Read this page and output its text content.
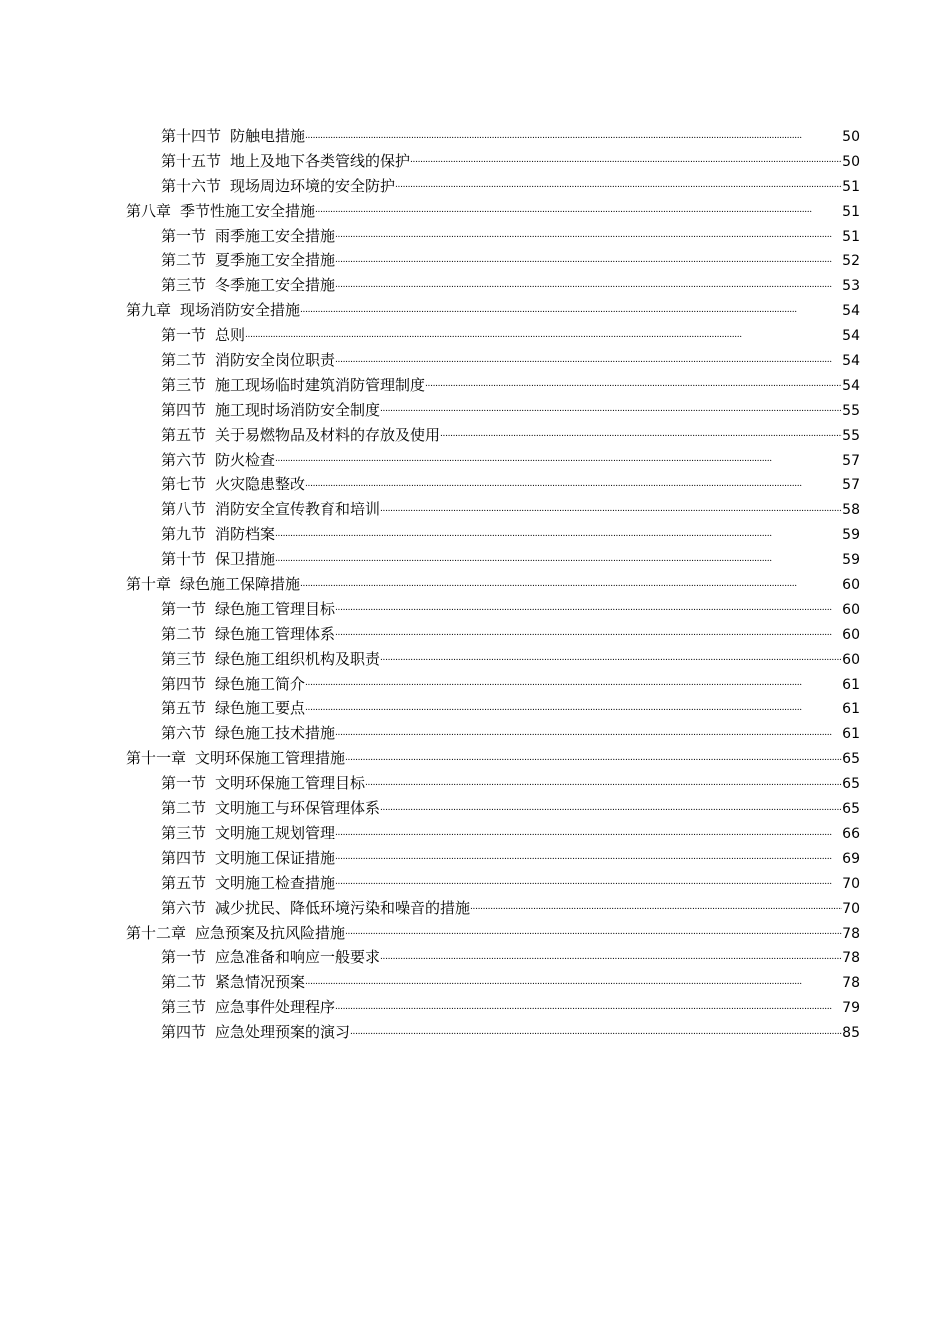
第十四节 防触电措施 . . .	50
第十五节 地上及地下各类管线的保护 . . .	50
第十六节 现场周边环境的安全防护 . . .	51
第八章 季节性施工安全措施 . . .	51
第一节 雨季施工安全措施 . . .	51
第二节 夏季施工安全措施 . . .	52
第三节 冬季施工安全措施 . . .	53
第九章 现场消防安全措施 . . .	54
第一节 总则 . . .	54
第二节 消防安全岗位职责 . . .	54
第三节 施工现场临时建筑消防管理制度 . . .	54
第四节 施工现时场消防安全制度 . . .	55
第五节 关于易燃物品及材料的存放及使用 . . .	55
第六节 防火检查 . . .	57
第七节 火灾隐患整改 . . .	57
第八节 消防安全宣传教育和培训 . . .	58
第九节 消防档案 . . .	59
第十节 保卫措施 . . .	59
第十章 绿色施工保障措施 . . .	60
第一节 绿色施工管理目标 . . .	60
第二节 绿色施工管理体系 . . .	60
第三节 绿色施工组织机构及职责 . . .	60
第四节 绿色施工简介 . . .	61
第五节 绿色施工要点 . . .	61
第六节 绿色施工技术措施 . . .	61
第十一章 文明环保施工管理措施 . . .	65
第一节 文明环保施工管理目标 . . .	65
第二节 文明施工与环保管理体系 . . .	65
第三节 文明施工规划管理 . . .	66
第四节 文明施工保证措施 . . .	69
第五节 文明施工检查措施 . . .	70
第六节 减少扰民、降低环境污染和噪音的措施 . . .	70
第十二章 应急预案及抗风险措施 . . .	78
第一节 应急准备和响应一般要求 . . .	78
第二节 紧急情况预案 . . .	78
第三节 应急事件处理程序 . . .	79
第四节 应急处理预案的演习 . . .	85
